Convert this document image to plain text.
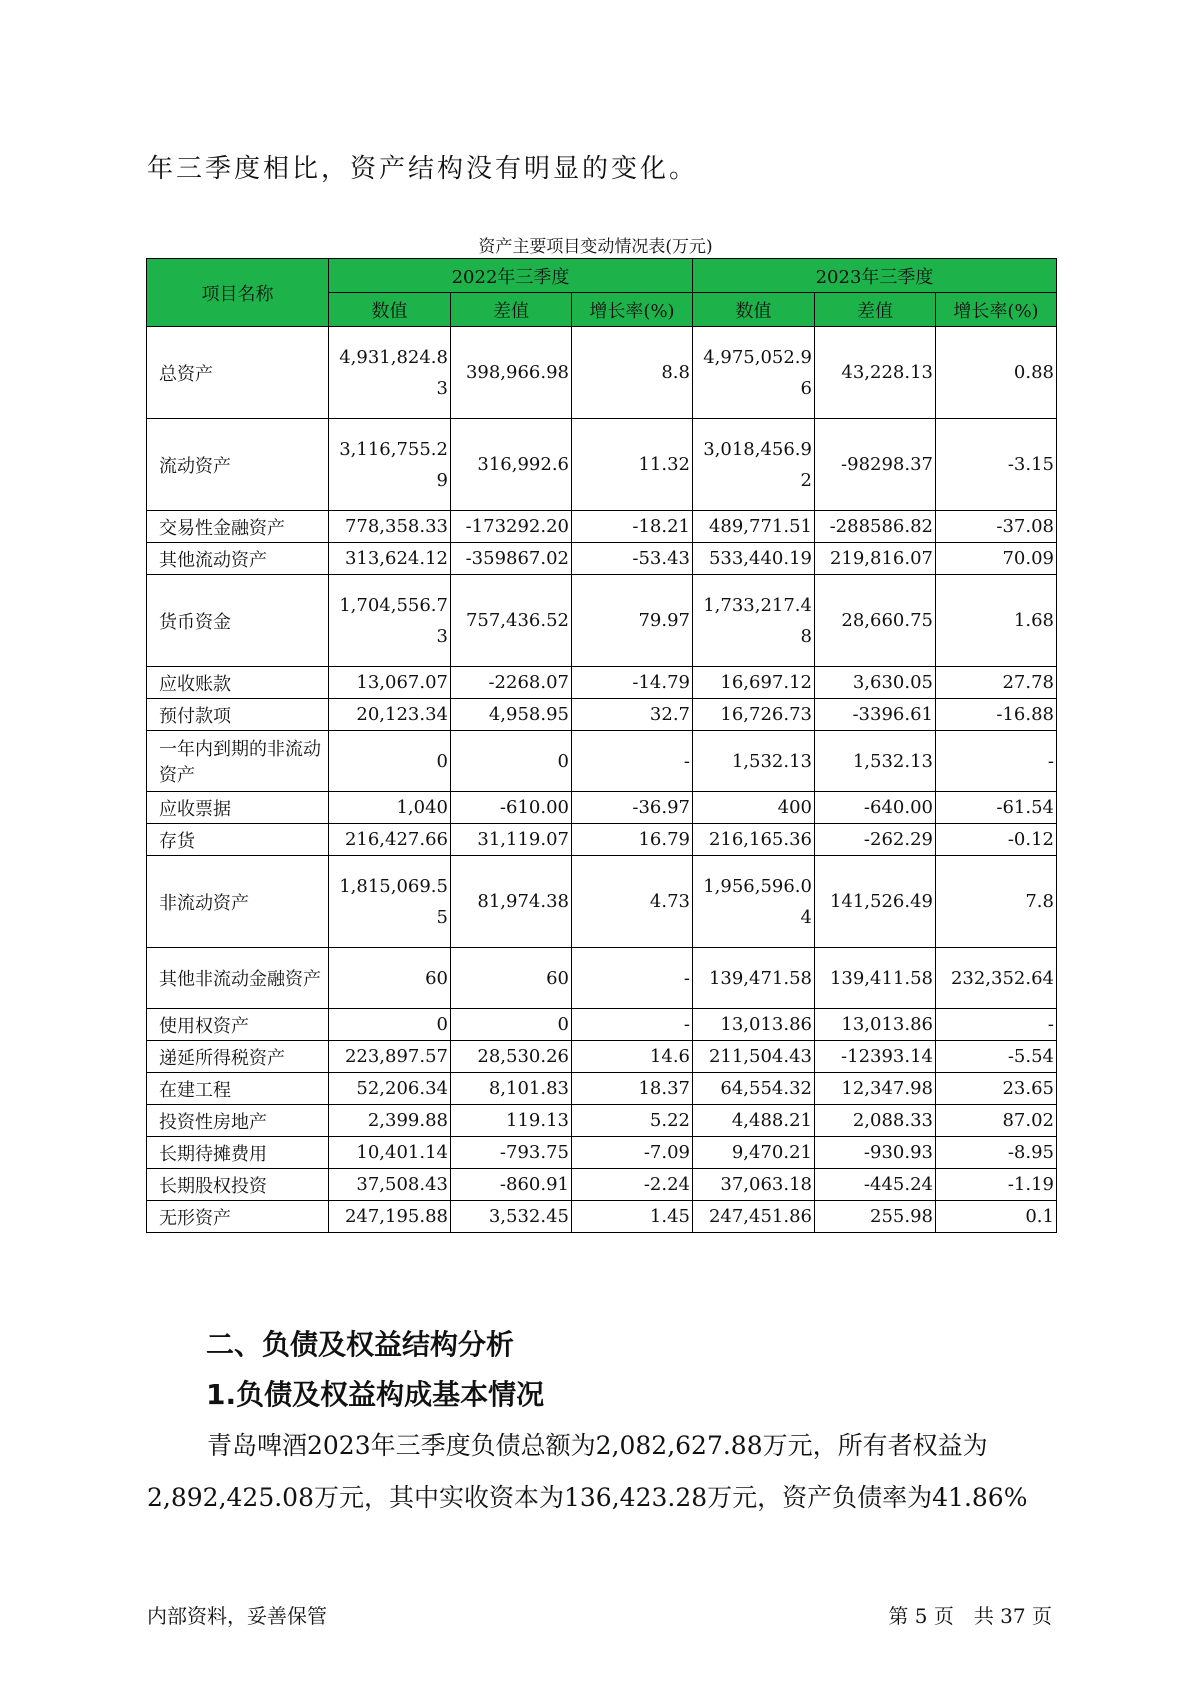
年三季度相比，资产结构没有明显的变化。

资产主要项目变动情况表(万元)

项目名称	2022年三季度			2023年三季度		
	数值	差值	增长率(%)	数值	差值	增长率(%)
总资产	4,931,824.83	398,966.98	8.8	4,975,052.96	43,228.13	0.88
流动资产	3,116,755.29	316,992.6	11.32	3,018,456.92	-98298.37	-3.15
交易性金融资产	778,358.33	-173292.20	-18.21	489,771.51	-288586.82	-37.08
其他流动资产	313,624.12	-359867.02	-53.43	533,440.19	219,816.07	70.09
货币资金	1,704,556.73	757,436.52	79.97	1,733,217.48	28,660.75	1.68
应收账款	13,067.07	-2268.07	-14.79	16,697.12	3,630.05	27.78
预付款项	20,123.34	4,958.95	32.7	16,726.73	-3396.61	-16.88
一年内到期的非流动资产	0	0	-	1,532.13	1,532.13	-
应收票据	1,040	-610.00	-36.97	400	-640.00	-61.54
存货	216,427.66	31,119.07	16.79	216,165.36	-262.29	-0.12
非流动资产	1,815,069.55	81,974.38	4.73	1,956,596.04	141,526.49	7.8
其他非流动金融资产	60	60	-	139,471.58	139,411.58	232,352.64
使用权资产	0	0	-	13,013.86	13,013.86	-
递延所得税资产	223,897.57	28,530.26	14.6	211,504.43	-12393.14	-5.54
在建工程	52,206.34	8,101.83	18.37	64,554.32	12,347.98	23.65
投资性房地产	2,399.88	119.13	5.22	4,488.21	2,088.33	87.02
长期待摊费用	10,401.14	-793.75	-7.09	9,470.21	-930.93	-8.95
长期股权投资	37,508.43	-860.91	-2.24	37,063.18	-445.24	-1.19
无形资产	247,195.88	3,532.45	1.45	247,451.86	255.98	0.1

二、负债及权益结构分析

1.负债及权益构成基本情况

青岛啤酒2023年三季度负债总额为2,082,627.88万元，所有者权益为2,892,425.08万元，其中实收资本为136,423.28万元，资产负债率为41.86%

内部资料，妥善保管	第 5 页　共 37 页
